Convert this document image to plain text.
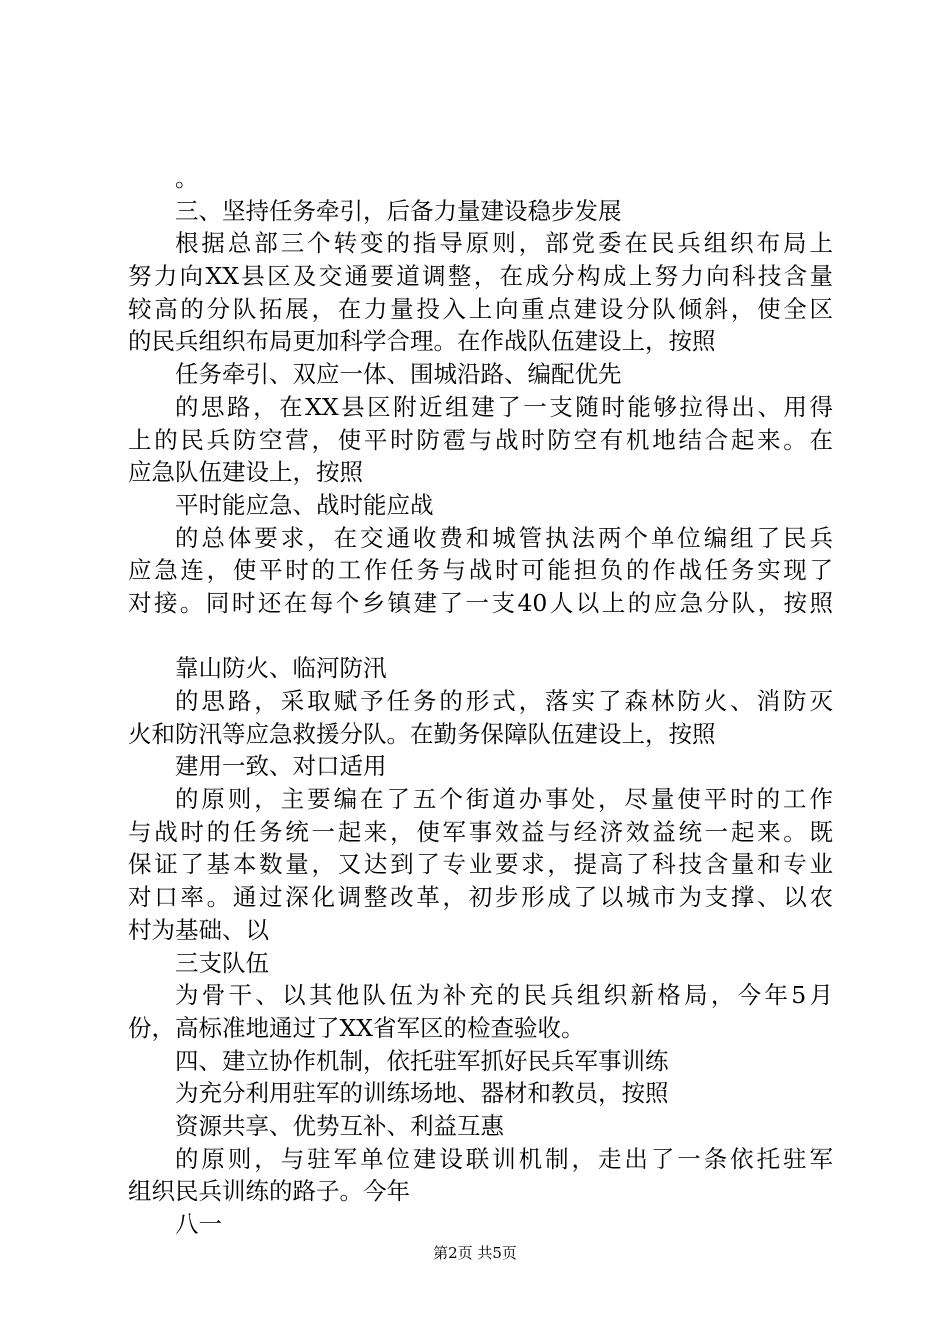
。
三、坚持任务牵引，后备力量建设稳步发展
根据总部三个转变的指导原则，部党委在民兵组织布局上
努力向XX县区及交通要道调整，在成分构成上努力向科技含量
较高的分队拓展，在力量投入上向重点建设分队倾斜，使全区
的民兵组织布局更加科学合理。在作战队伍建设上，按照
任务牵引、双应一体、围城沿路、编配优先
的思路，在XX县区附近组建了一支随时能够拉得出、用得
上的民兵防空营，使平时防雹与战时防空有机地结合起来。在
应急队伍建设上，按照
平时能应急、战时能应战
的总体要求，在交通收费和城管执法两个单位编组了民兵
应急连，使平时的工作任务与战时可能担负的作战任务实现了
对接。同时还在每个乡镇建了一支40人以上的应急分队，按照
靠山防火、临河防汛
的思路，采取赋予任务的形式，落实了森林防火、消防灭
火和防汛等应急救援分队。在勤务保障队伍建设上，按照
建用一致、对口适用
的原则，主要编在了五个街道办事处，尽量使平时的工作
与战时的任务统一起来，使军事效益与经济效益统一起来。既
保证了基本数量，又达到了专业要求，提高了科技含量和专业
对口率。通过深化调整改革，初步形成了以城市为支撑、以农
村为基础、以
三支队伍
为骨干、以其他队伍为补充的民兵组织新格局，今年5月
份，高标准地通过了XX省军区的检查验收。
四、建立协作机制，依托驻军抓好民兵军事训练
为充分利用驻军的训练场地、器材和教员，按照
资源共享、优势互补、利益互惠
的原则，与驻军单位建设联训机制，走出了一条依托驻军
组织民兵训练的路子。今年
八一
第2页 共5页
